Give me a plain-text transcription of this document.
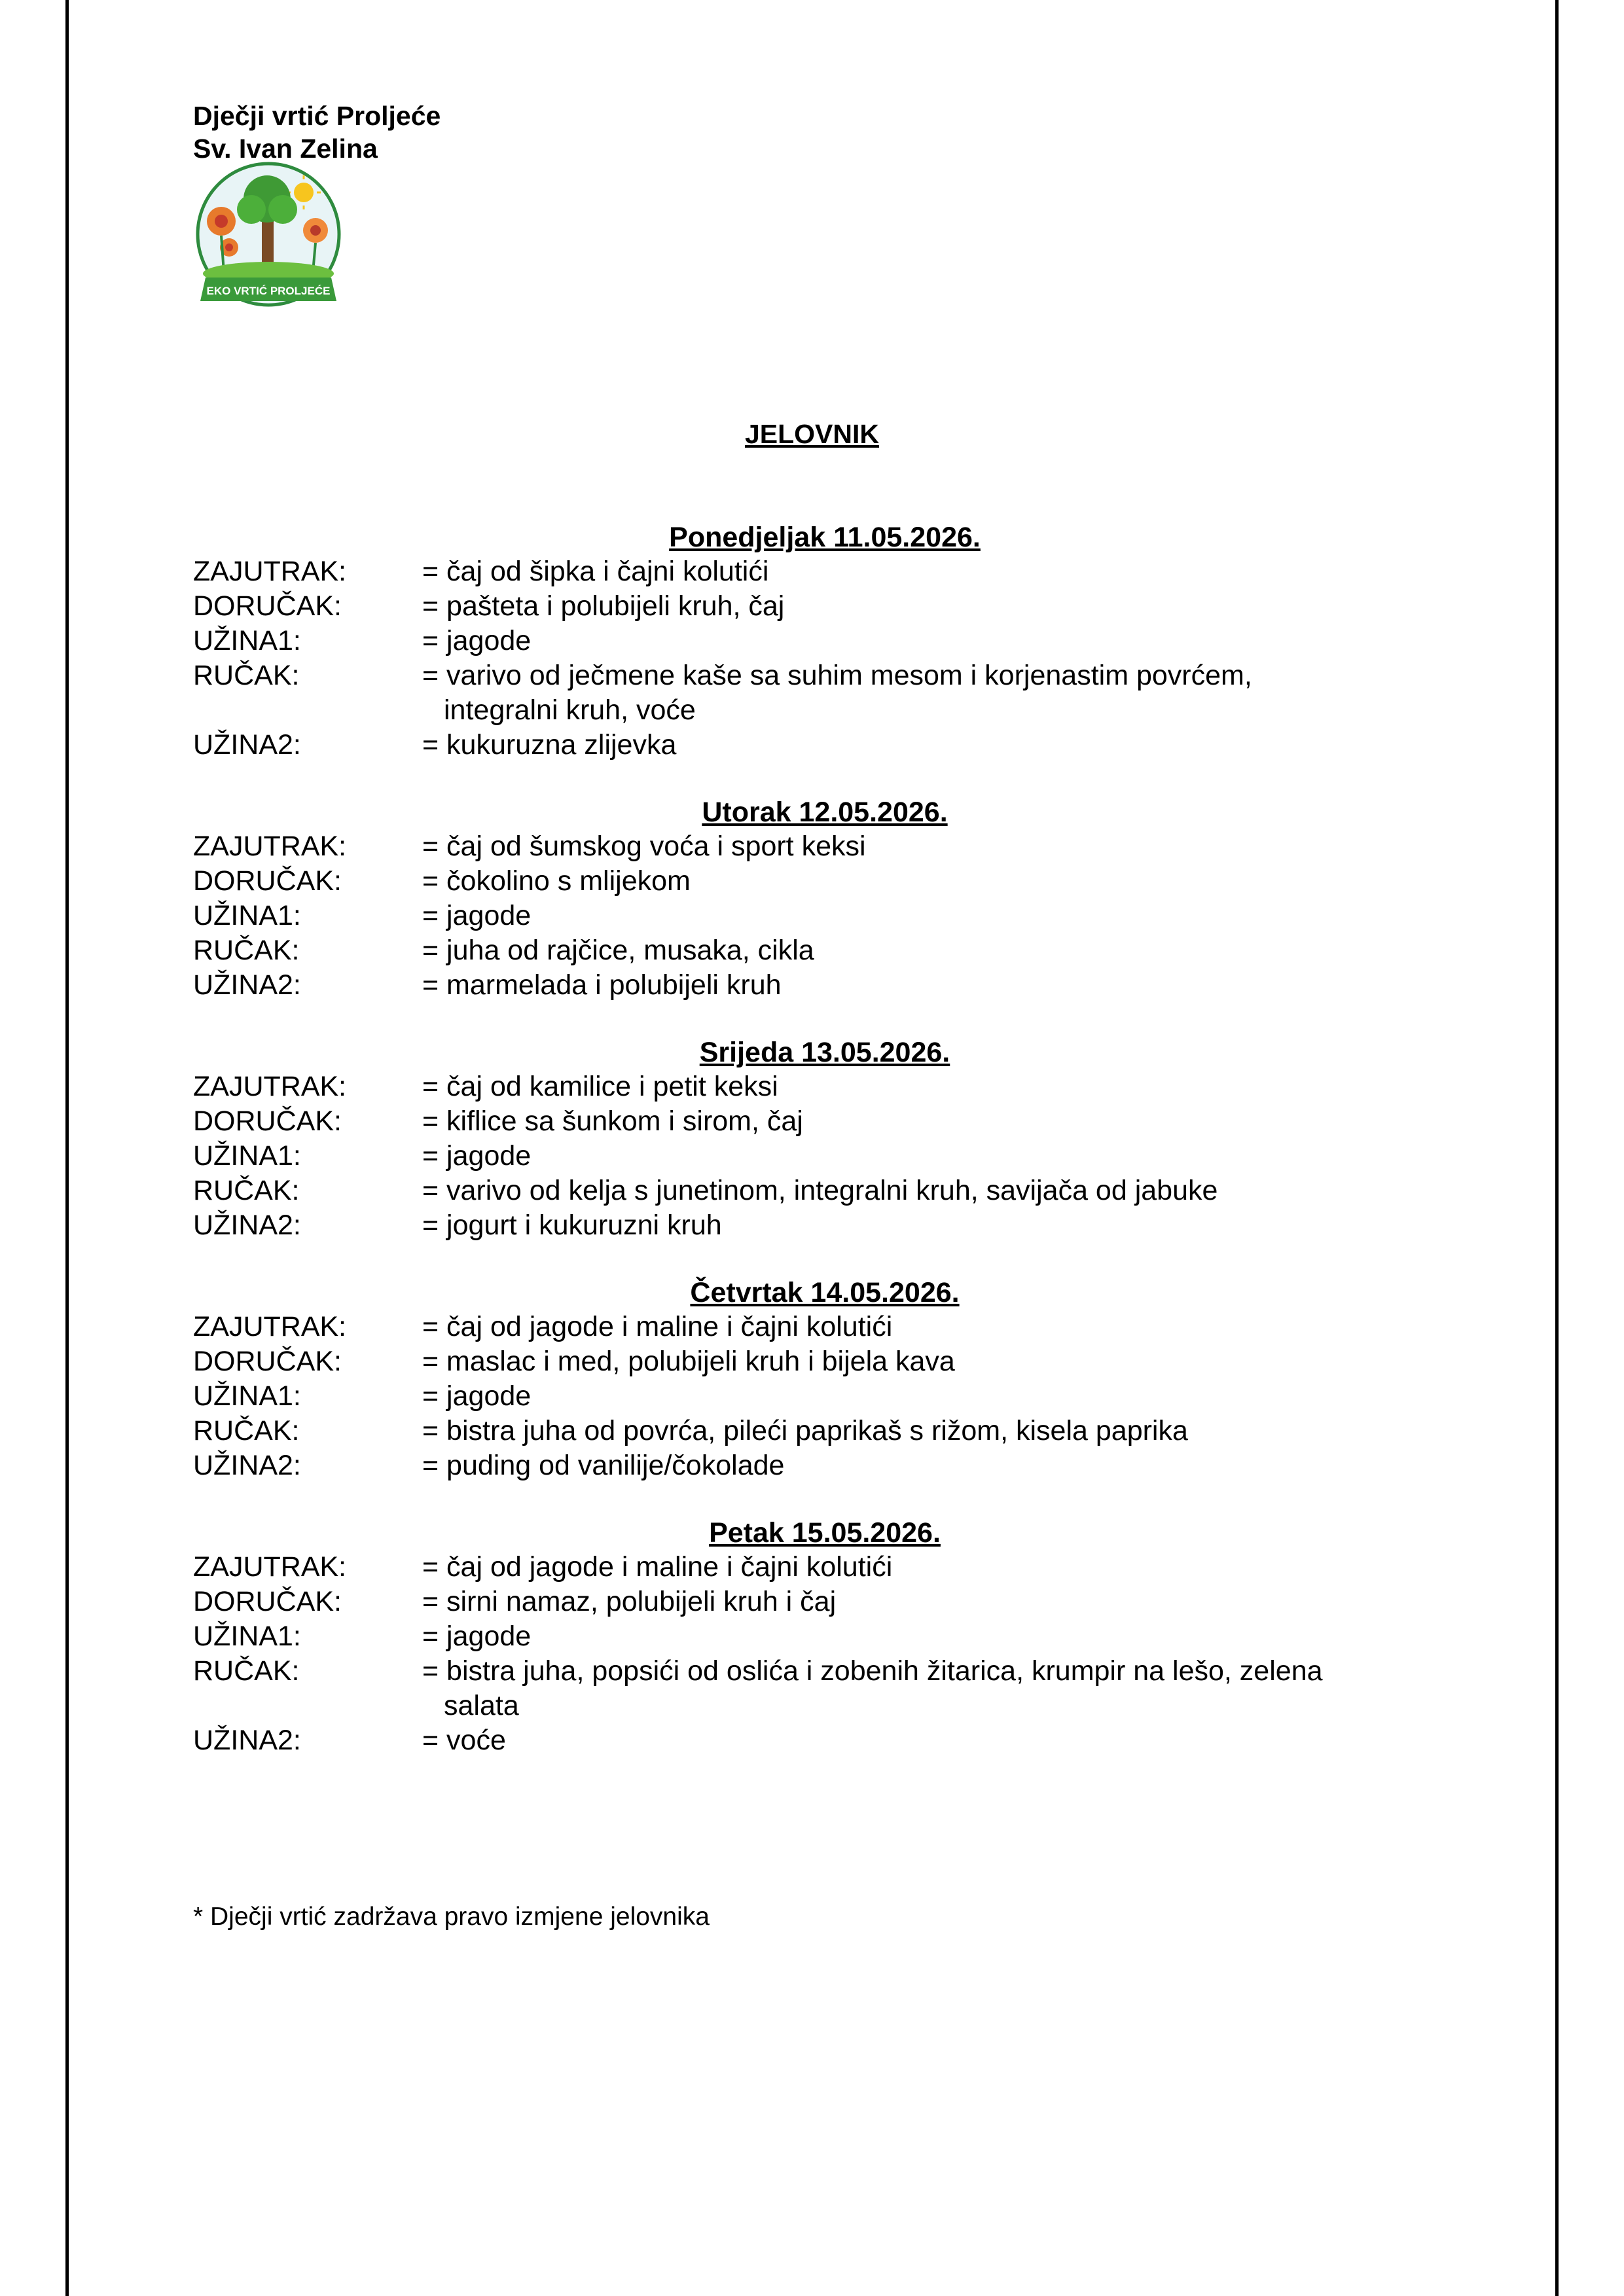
Dječji vrtić Proljeće
Sv. Ivan Zelina
EKO VRTIĆ PROLJEĆE
JELOVNIK
Ponedjeljak 11.05.2026.
ZAJUTRAK:	= čaj od šipka i čajni kolutići
DORUČAK:	= pašteta i polubijeli kruh, čaj
UŽINA1:	= jagode
RUČAK:	= varivo od ječmene kaše sa suhim mesom i korjenastim povrćem,
integralni kruh, voće
UŽINA2:	= kukuruzna zlijevka
Utorak 12.05.2026.
ZAJUTRAK:	= čaj od šumskog voća i sport keksi
DORUČAK:	= čokolino s mlijekom
UŽINA1:	= jagode
RUČAK:	= juha od rajčice, musaka, cikla
UŽINA2:	= marmelada i polubijeli kruh
Srijeda 13.05.2026.
ZAJUTRAK:	= čaj od kamilice i petit keksi
DORUČAK:	= kiflice sa šunkom i sirom, čaj
UŽINA1:	= jagode
RUČAK:	= varivo od kelja s junetinom, integralni kruh, savijača od jabuke
UŽINA2:	= jogurt i kukuruzni kruh
Četvrtak 14.05.2026.
ZAJUTRAK:	= čaj od jagode i maline i čajni kolutići
DORUČAK:	= maslac i med, polubijeli kruh i bijela kava
UŽINA1:	= jagode
RUČAK:	= bistra juha od povrća, pileći paprikaš s rižom, kisela paprika
UŽINA2:	= puding od vanilije/čokolade
Petak 15.05.2026.
ZAJUTRAK:	= čaj od jagode i maline i čajni kolutići
DORUČAK:	= sirni namaz, polubijeli kruh i čaj
UŽINA1:	= jagode
RUČAK:	= bistra juha, popsići od oslića i zobenih žitarica, krumpir na lešo, zelena
salata
UŽINA2:	= voće
* Dječji vrtić zadržava pravo izmjene jelovnika
